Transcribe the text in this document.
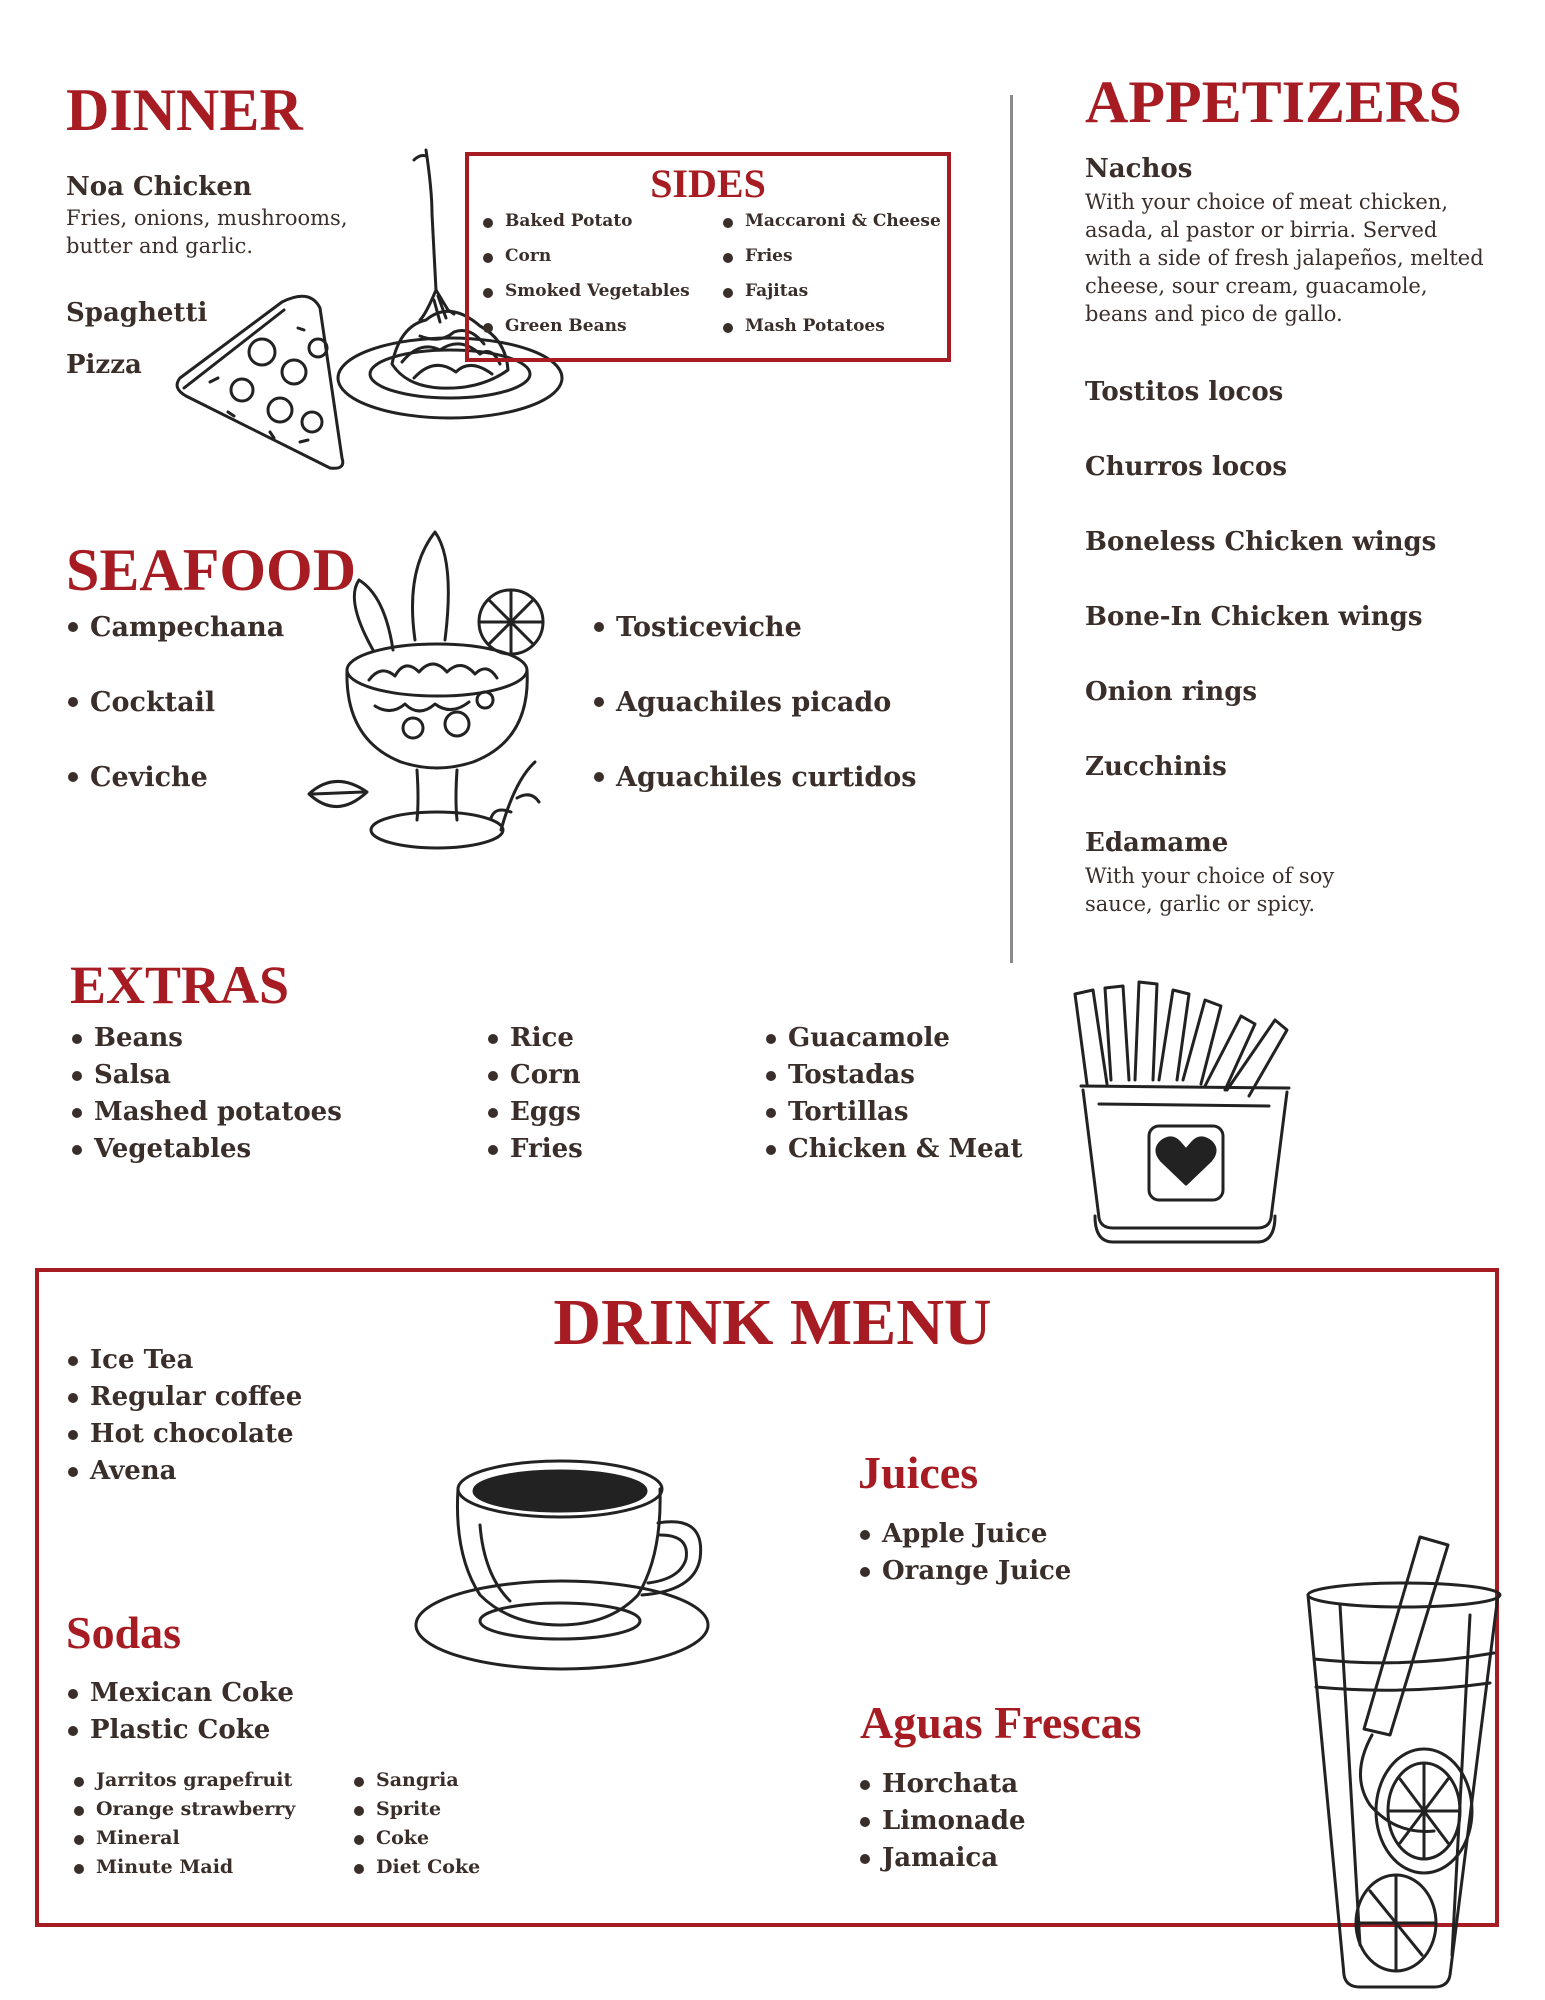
DINNER
Noa Chicken
Fries, onions, mushrooms, butter and garlic.
Spaghetti
Pizza
SIDES
Baked Potato
Corn
Smoked Vegetables
Green Beans
Maccaroni & Cheese
Fries
Fajitas
Mash Potatoes
APPETIZERS
Nachos
With your choice of meat chicken, asada, al pastor or birria. Served with a side of fresh jalapeños, melted cheese, sour cream, guacamole, beans and pico de gallo.
Tostitos locos
Churros locos
Boneless Chicken wings
Bone-In Chicken wings
Onion rings
Zucchinis
Edamame
With your choice of soy sauce, garlic or spicy.
SEAFOOD
Campechana
Cocktail
Ceviche
Tosticeviche
Aguachiles picado
Aguachiles curtidos
EXTRAS
Beans
Salsa
Mashed potatoes
Vegetables
Rice
Corn
Eggs
Fries
Guacamole
Tostadas
Tortillas
Chicken & Meat
DRINK MENU
Ice Tea
Regular coffee
Hot chocolate
Avena
Sodas
Mexican Coke
Plastic Coke
Jarritos grapefruit
Orange strawberry
Mineral
Minute Maid
Sangria
Sprite
Coke
Diet Coke
Juices
Apple Juice
Orange Juice
Aguas Frescas
Horchata
Limonade
Jamaica
